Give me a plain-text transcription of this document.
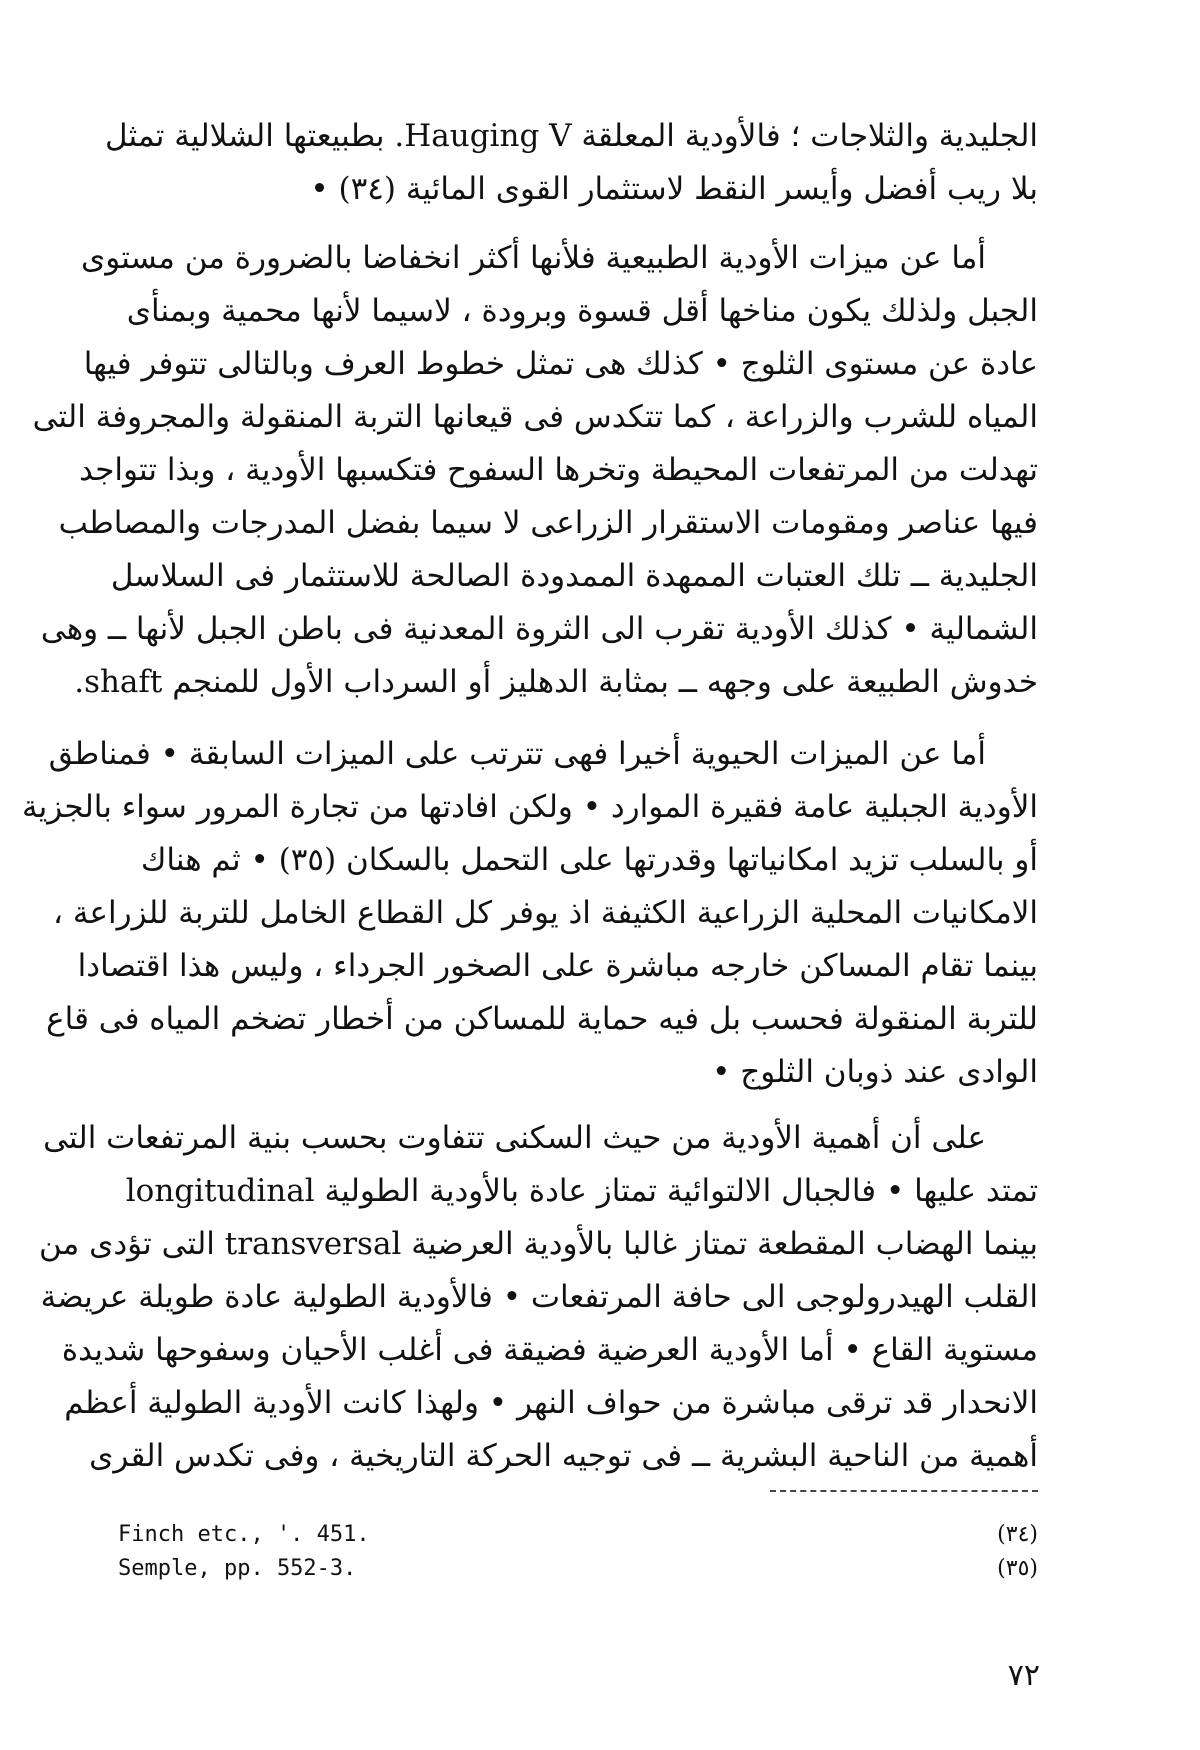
الجليدية والثلاجات ؛ فالأودية المعلقة Hauging V. بطبيعتها الشلالية تمثل
بلا ريب أفضل وأيسر النقط لاستثمار القوى المائية (٣٤) •
أما عن ميزات الأودية الطبيعية فلأنها أكثر انخفاضا بالضرورة من مستوى
الجبل ولذلك يكون مناخها أقل قسوة وبرودة ، لاسيما لأنها محمية وبمنأى
عادة عن مستوى الثلوج • كذلك هى تمثل خطوط العرف وبالتالى تتوفر فيها
المياه للشرب والزراعة ، كما تتكدس فى قيعانها التربة المنقولة والمجروفة التى
تهدلت من المرتفعات المحيطة وتخرها السفوح فتكسبها الأودية ، وبذا تتواجد
فيها عناصر ومقومات الاستقرار الزراعى لا سيما بفضل المدرجات والمصاطب
الجليدية ــ تلك العتبات الممهدة الممدودة الصالحة للاستثمار فى السلاسل
الشمالية • كذلك الأودية تقرب الى الثروة المعدنية فى باطن الجبل لأنها ــ وهى
خدوش الطبيعة على وجهه ــ بمثابة الدهليز أو السرداب الأول للمنجم shaft.
أما عن الميزات الحيوية أخيرا فهى تترتب على الميزات السابقة • فمناطق
الأودية الجبلية عامة فقيرة الموارد • ولكن افادتها من تجارة المرور سواء بالجزية
أو بالسلب تزيد امكانياتها وقدرتها على التحمل بالسكان (٣٥) • ثم هناك
الامكانيات المحلية الزراعية الكثيفة اذ يوفر كل القطاع الخامل للتربة للزراعة ،
بينما تقام المساكن خارجه مباشرة على الصخور الجرداء ، وليس هذا اقتصادا
للتربة المنقولة فحسب بل فيه حماية للمساكن من أخطار تضخم المياه فى قاع
الوادى عند ذوبان الثلوج •
على أن أهمية الأودية من حيث السكنى تتفاوت بحسب بنية المرتفعات التى
تمتد عليها • فالجبال الالتوائية تمتاز عادة بالأودية الطولية longitudinal
بينما الهضاب المقطعة تمتاز غالبا بالأودية العرضية transversal التى تؤدى من
القلب الهيدرولوجى الى حافة المرتفعات • فالأودية الطولية عادة طويلة عريضة
مستوية القاع • أما الأودية العرضية فضيقة فى أغلب الأحيان وسفوحها شديدة
الانحدار قد ترقى مباشرة من حواف النهر • ولهذا كانت الأودية الطولية أعظم
أهمية من الناحية البشرية ــ فى توجيه الحركة التاريخية ، وفى تكدس القرى
Finch etc., '. 451.	(٣٤)
Semple, pp. 552-3.	(٣٥)
٧٢
